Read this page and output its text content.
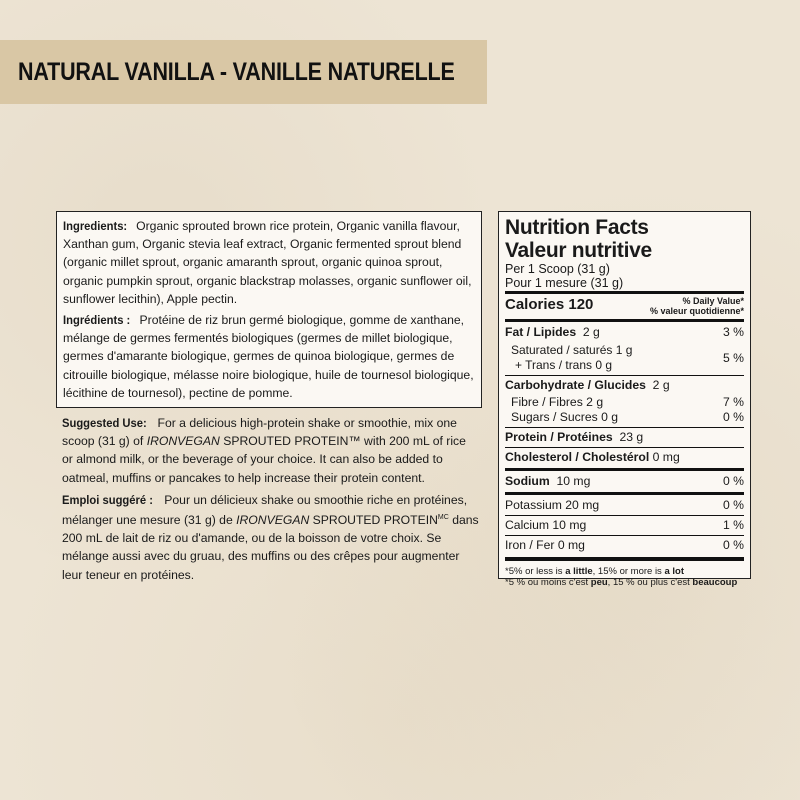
NATURAL VANILLA - VANILLE NATURELLE

Ingredients: Organic sprouted brown rice protein, Organic vanilla flavour, Xanthan gum, Organic stevia leaf extract, Organic fermented sprout blend (organic millet sprout, organic amaranth sprout, organic quinoa sprout, organic pumpkin sprout, organic blackstrap molasses, organic sunflower oil, sunflower lecithin), Apple pectin.

Ingrédients : Protéine de riz brun germé biologique, gomme de xanthane, mélange de germes fermentés biologiques (germes de millet biologique, germes d'amarante biologique, germes de quinoa biologique, germes de citrouille biologique, mélasse noire biologique, huile de tournesol biologique, lécithine de tournesol), pectine de pomme.

Suggested Use: For a delicious high-protein shake or smoothie, mix one scoop (31 g) of IRONVEGAN SPROUTED PROTEIN™ with 200 mL of rice or almond milk, or the beverage of your choice. It can also be added to oatmeal, muffins or pancakes to help increase their protein content.

Emploi suggéré : Pour un délicieux shake ou smoothie riche en protéines, mélanger une mesure (31 g) de IRONVEGAN SPROUTED $PROTEIN^{MC}$ dans 200 mL de lait de riz ou d'amande, ou de la boisson de votre choix. Se mélange aussi avec du gruau, des muffins ou des crêpes pour augmenter leur teneur en protéines.

Nutrition Facts
Valeur nutritive
Per 1 Scoop (31 g)
Pour 1 mesure (31 g)
Calories 120	% Daily Value*
% valeur quotidienne*
Fat / Lipides 2 g	3 %
Saturated / saturés 1 g
+ Trans / trans 0 g	5 %
Carbohydrate / Glucides 2 g
Fibre / Fibres 2 g	7 %
Sugars / Sucres 0 g	0 %
Protein / Protéines 23 g
Cholesterol / Cholestérol 0 mg
Sodium 10 mg	0 %
Potassium 20 mg	0 %
Calcium 10 mg	1 %
Iron / Fer 0 mg	0 %
*5% or less is a little, 15% or more is a lot
*5 % ou moins c'est peu, 15 % ou plus c'est beaucoup
